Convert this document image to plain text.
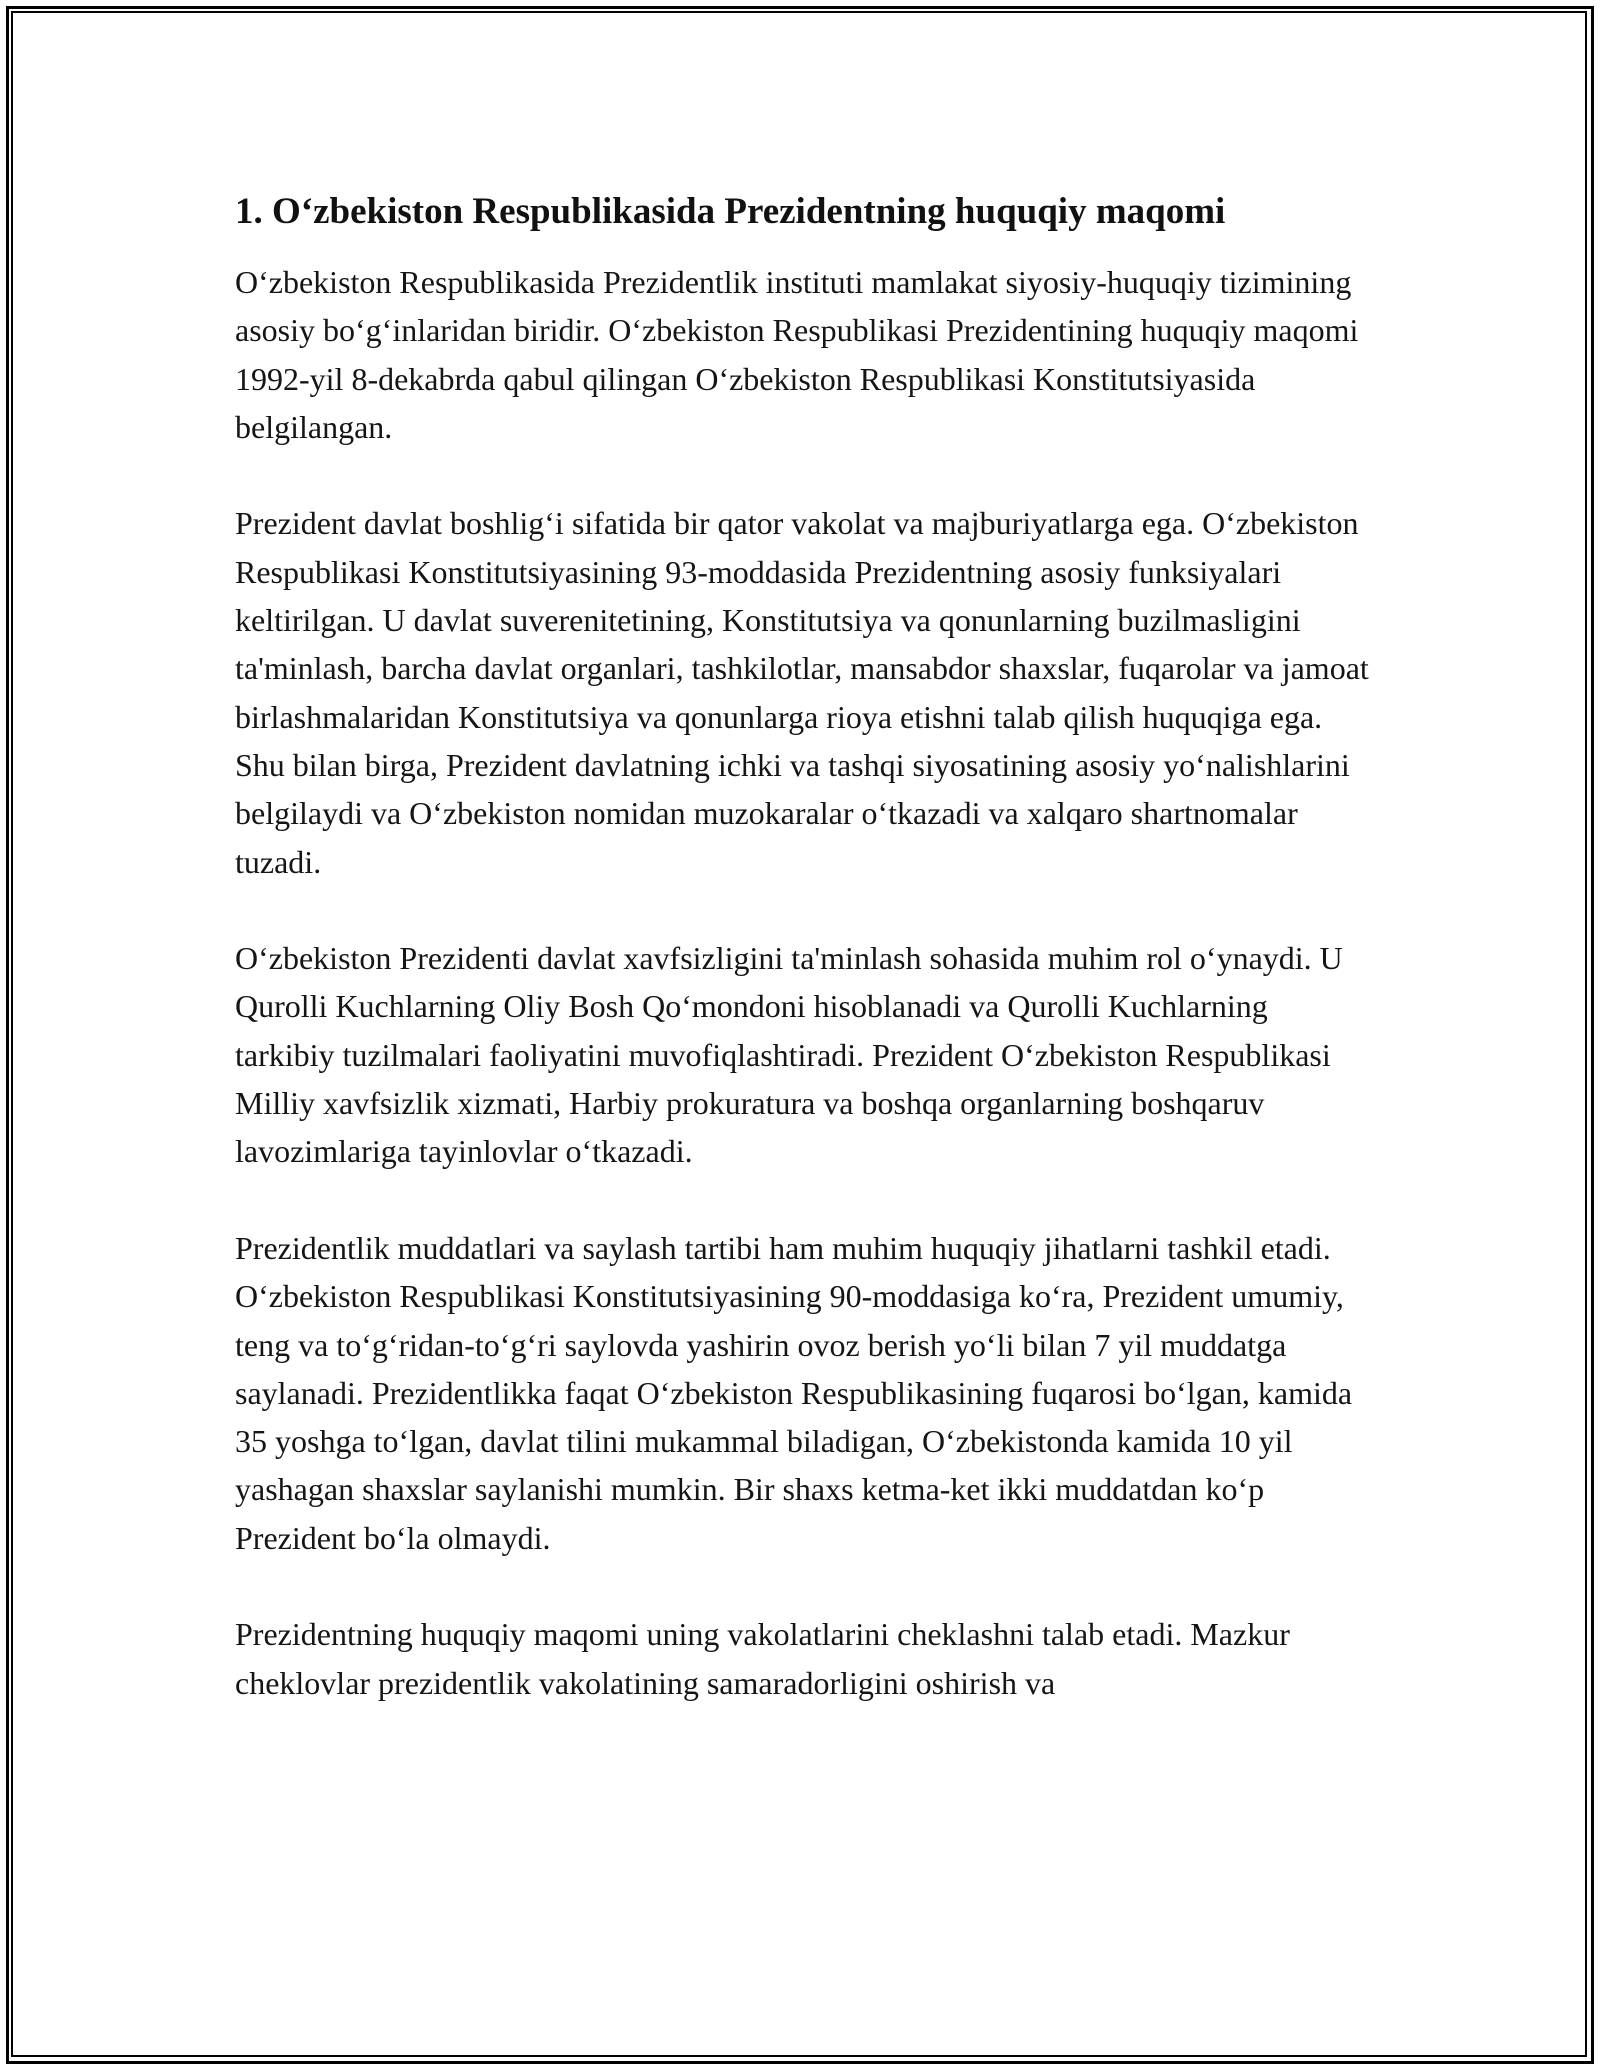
1. O‘zbekiston Respublikasida Prezidentning huquqiy maqomi

O‘zbekiston Respublikasida Prezidentlik instituti mamlakat siyosiy-huquqiy tizimining asosiy bo‘g‘inlaridan biridir. O‘zbekiston Respublikasi Prezidentining huquqiy maqomi 1992-yil 8-dekabrda qabul qilingan O‘zbekiston Respublikasi Konstitutsiyasida belgilangan.

Prezident davlat boshlig‘i sifatida bir qator vakolat va majburiyatlarga ega. O‘zbekiston Respublikasi Konstitutsiyasining 93-moddasida Prezidentning asosiy funksiyalari keltirilgan. U davlat suverenitetining, Konstitutsiya va qonunlarning buzilmasligini ta'minlash, barcha davlat organlari, tashkilotlar, mansabdor shaxslar, fuqarolar va jamoat birlashmalaridan Konstitutsiya va qonunlarga rioya etishni talab qilish huquqiga ega. Shu bilan birga, Prezident davlatning ichki va tashqi siyosatining asosiy yo‘nalishlarini belgilaydi va O‘zbekiston nomidan muzokaralar o‘tkazadi va xalqaro shartnomalar tuzadi.

O‘zbekiston Prezidenti davlat xavfsizligini ta'minlash sohasida muhim rol o‘ynaydi. U Qurolli Kuchlarning Oliy Bosh Qo‘mondoni hisoblanadi va Qurolli Kuchlarning tarkibiy tuzilmalari faoliyatini muvofiqlashtiradi. Prezident O‘zbekiston Respublikasi Milliy xavfsizlik xizmati, Harbiy prokuratura va boshqa organlarning boshqaruv lavozimlariga tayinlovlar o‘tkazadi.

Prezidentlik muddatlari va saylash tartibi ham muhim huquqiy jihatlarni tashkil etadi. O‘zbekiston Respublikasi Konstitutsiyasining 90-moddasiga ko‘ra, Prezident umumiy, teng va to‘g‘ridan-to‘g‘ri saylovda yashirin ovoz berish yo‘li bilan 7 yil muddatga saylanadi. Prezidentlikka faqat O‘zbekiston Respublikasining fuqarosi bo‘lgan, kamida 35 yoshga to‘lgan, davlat tilini mukammal biladigan, O‘zbekistonda kamida 10 yil yashagan shaxslar saylanishi mumkin. Bir shaxs ketma-ket ikki muddatdan ko‘p Prezident bo‘la olmaydi.

Prezidentning huquqiy maqomi uning vakolatlarini cheklashni talab etadi. Mazkur cheklovlar prezidentlik vakolatining samaradorligini oshirish va
